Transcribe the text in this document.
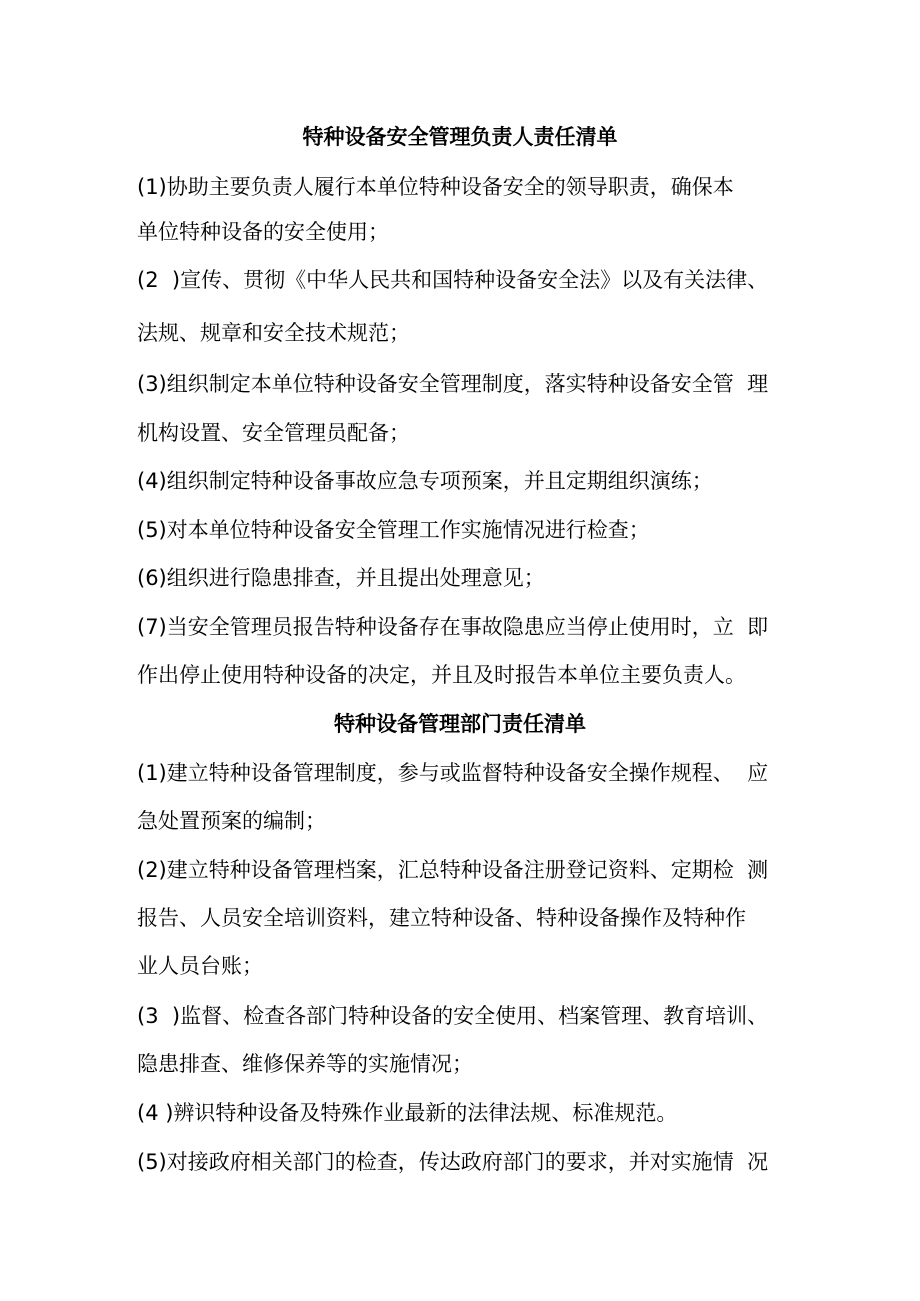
特种设备安全管理负责人责任清单
(1)协助主要负责人履行本单位特种设备安全的领导职责，确保本
单位特种设备的安全使用；
(2  )宣传、贯彻《中华人民共和国特种设备安全法》以及有关法律、
法规、规章和安全技术规范；
(3)组织制定本单位特种设备安全管理制度，落实特种设备安全管  理
机构设置、安全管理员配备；
(4)组织制定特种设备事故应急专项预案，并且定期组织演练；
(5)对本单位特种设备安全管理工作实施情况进行检查；
(6)组织进行隐患排查，并且提出处理意见；
(7)当安全管理员报告特种设备存在事故隐患应当停止使用时，立  即
作出停止使用特种设备的决定，并且及时报告本单位主要负责人。
特种设备管理部门责任清单
(1)建立特种设备管理制度，参与或监督特种设备安全操作规程、  应
急处置预案的编制；
(2)建立特种设备管理档案，汇总特种设备注册登记资料、定期检  测
报告、人员安全培训资料，建立特种设备、特种设备操作及特种作
业人员台账；
(3  )监督、检查各部门特种设备的安全使用、档案管理、教育培训、
隐患排查、维修保养等的实施情况；
(4 )辨识特种设备及特殊作业最新的法律法规、标准规范。
(5)对接政府相关部门的检查，传达政府部门的要求，并对实施情  况
